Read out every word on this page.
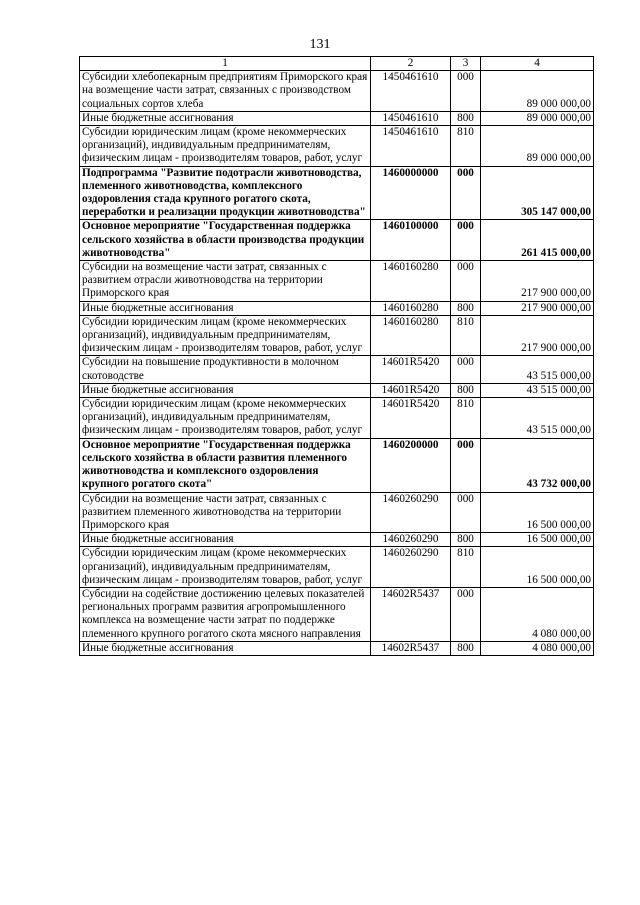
131
1	2	3	4
Субсидии хлебопекарным предприятиям Приморского края на возмещение части затрат, связанных с производством социальных сортов хлеба	1450461610	000	89 000 000,00
Иные бюджетные ассигнования	1450461610	800	89 000 000,00
Субсидии юридическим лицам (кроме некоммерческих организаций), индивидуальным предпринимателям, физическим лицам - производителям товаров, работ, услуг	1450461610	810	89 000 000,00
Подпрограмма "Развитие подотрасли животноводства, племенного животноводства, комплексного оздоровления стада крупного рогатого скота, переработки и реализации продукции животноводства"	1460000000	000	305 147 000,00
Основное мероприятие "Государственная поддержка сельского хозяйства в области производства продукции животноводства"	1460100000	000	261 415 000,00
Субсидии на возмещение части затрат, связанных с развитием отрасли животноводства на территории Приморского края	1460160280	000	217 900 000,00
Иные бюджетные ассигнования	1460160280	800	217 900 000,00
Субсидии юридическим лицам (кроме некоммерческих организаций), индивидуальным предпринимателям, физическим лицам - производителям товаров, работ, услуг	1460160280	810	217 900 000,00
Субсидии на повышение продуктивности в молочном скотоводстве	14601R5420	000	43 515 000,00
Иные бюджетные ассигнования	14601R5420	800	43 515 000,00
Субсидии юридическим лицам (кроме некоммерческих организаций), индивидуальным предпринимателям, физическим лицам - производителям товаров, работ, услуг	14601R5420	810	43 515 000,00
Основное мероприятие "Государственная поддержка сельского хозяйства в области развития племенного животноводства и комплексного оздоровления крупного рогатого скота"	1460200000	000	43 732 000,00
Субсидии на возмещение части затрат, связанных с развитием племенного животноводства на территории Приморского края	1460260290	000	16 500 000,00
Иные бюджетные ассигнования	1460260290	800	16 500 000,00
Субсидии юридическим лицам (кроме некоммерческих организаций), индивидуальным предпринимателям, физическим лицам - производителям товаров, работ, услуг	1460260290	810	16 500 000,00
Субсидии на содействие достижению целевых показателей региональных программ развития агропромышленного комплекса на возмещение части затрат по поддержке племенного крупного рогатого скота мясного направления	14602R5437	000	4 080 000,00
Иные бюджетные ассигнования	14602R5437	800	4 080 000,00
